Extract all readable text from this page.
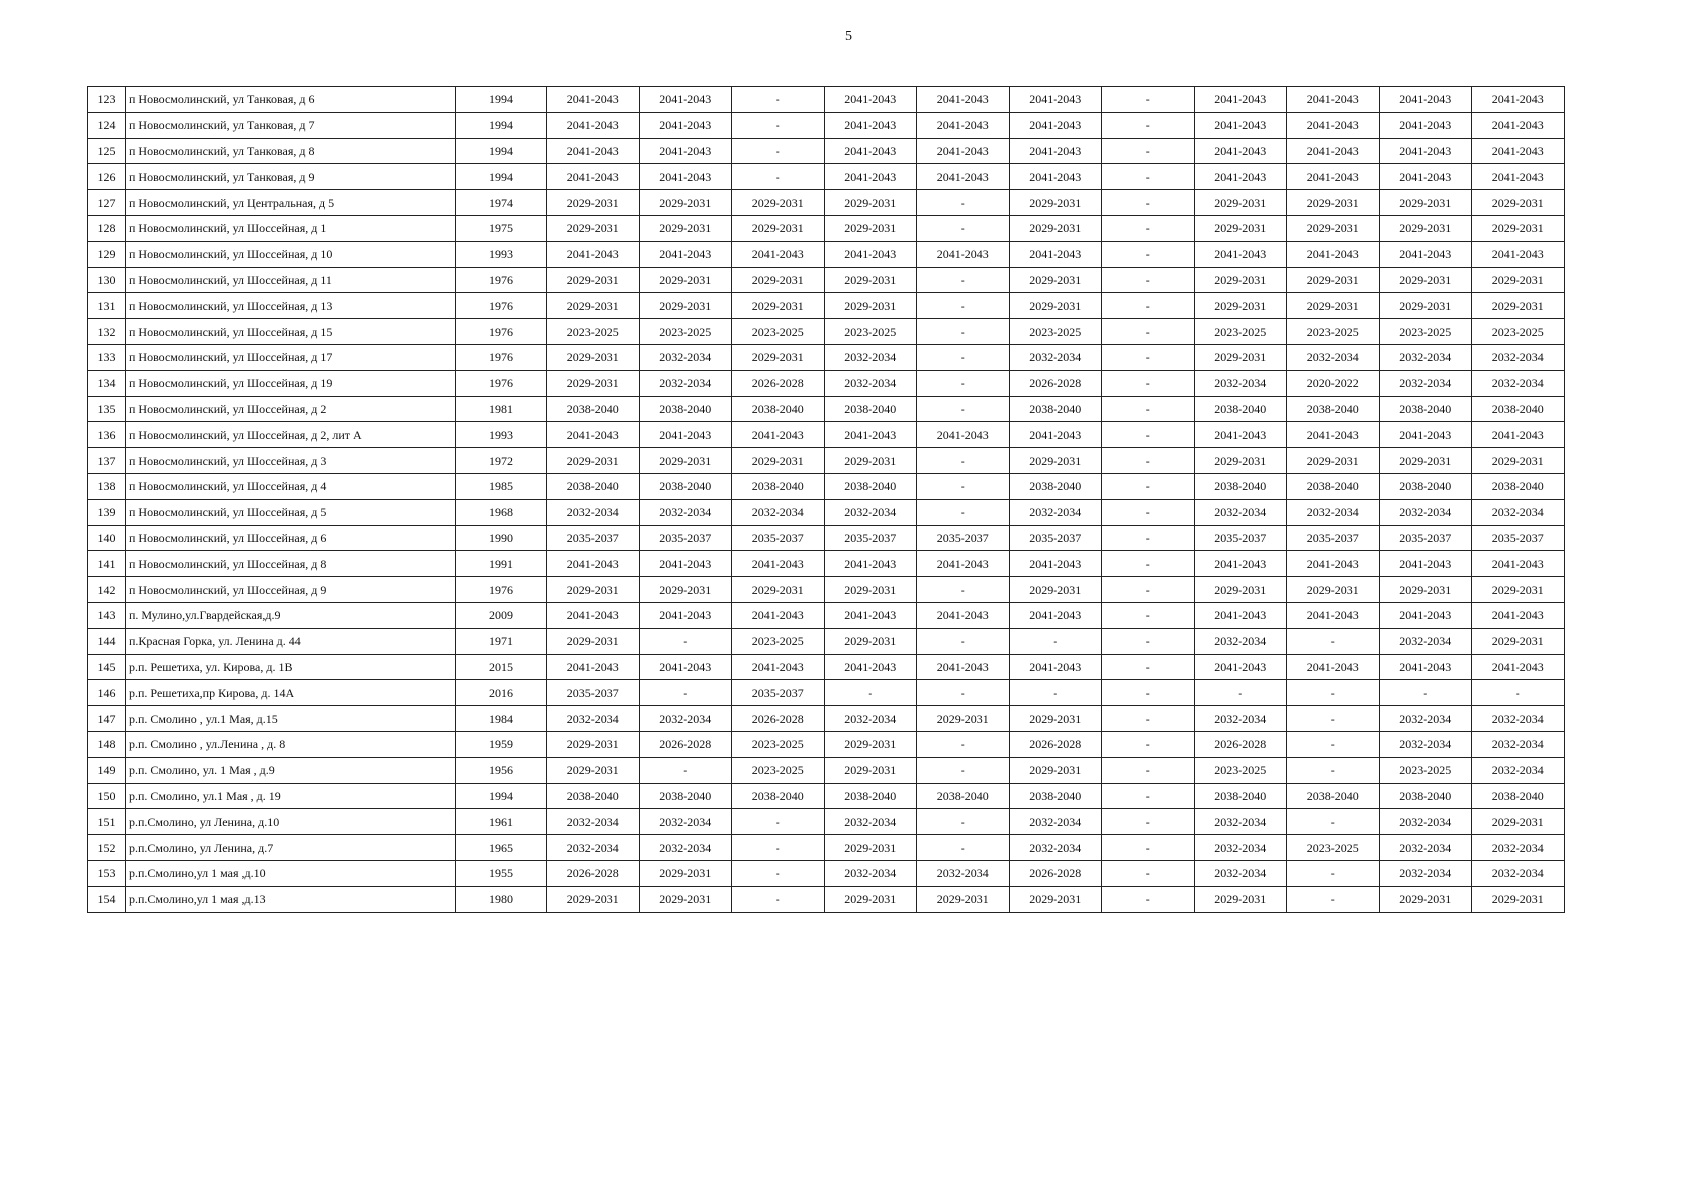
5
123	п Новосмолинский, ул Танковая, д 6	1994	2041-2043	2041-2043	-	2041-2043	2041-2043	2041-2043	-	2041-2043	2041-2043	2041-2043	2041-2043
124	п Новосмолинский, ул Танковая, д 7	1994	2041-2043	2041-2043	-	2041-2043	2041-2043	2041-2043	-	2041-2043	2041-2043	2041-2043	2041-2043
125	п Новосмолинский, ул Танковая, д 8	1994	2041-2043	2041-2043	-	2041-2043	2041-2043	2041-2043	-	2041-2043	2041-2043	2041-2043	2041-2043
126	п Новосмолинский, ул Танковая, д 9	1994	2041-2043	2041-2043	-	2041-2043	2041-2043	2041-2043	-	2041-2043	2041-2043	2041-2043	2041-2043
127	п Новосмолинский, ул Центральная, д 5	1974	2029-2031	2029-2031	2029-2031	2029-2031	-	2029-2031	-	2029-2031	2029-2031	2029-2031	2029-2031
128	п Новосмолинский, ул Шоссейная, д 1	1975	2029-2031	2029-2031	2029-2031	2029-2031	-	2029-2031	-	2029-2031	2029-2031	2029-2031	2029-2031
129	п Новосмолинский, ул Шоссейная, д 10	1993	2041-2043	2041-2043	2041-2043	2041-2043	2041-2043	2041-2043	-	2041-2043	2041-2043	2041-2043	2041-2043
130	п Новосмолинский, ул Шоссейная, д 11	1976	2029-2031	2029-2031	2029-2031	2029-2031	-	2029-2031	-	2029-2031	2029-2031	2029-2031	2029-2031
131	п Новосмолинский, ул Шоссейная, д 13	1976	2029-2031	2029-2031	2029-2031	2029-2031	-	2029-2031	-	2029-2031	2029-2031	2029-2031	2029-2031
132	п Новосмолинский, ул Шоссейная, д 15	1976	2023-2025	2023-2025	2023-2025	2023-2025	-	2023-2025	-	2023-2025	2023-2025	2023-2025	2023-2025
133	п Новосмолинский, ул Шоссейная, д 17	1976	2029-2031	2032-2034	2029-2031	2032-2034	-	2032-2034	-	2029-2031	2032-2034	2032-2034	2032-2034
134	п Новосмолинский, ул Шоссейная, д 19	1976	2029-2031	2032-2034	2026-2028	2032-2034	-	2026-2028	-	2032-2034	2020-2022	2032-2034	2032-2034
135	п Новосмолинский, ул Шоссейная, д 2	1981	2038-2040	2038-2040	2038-2040	2038-2040	-	2038-2040	-	2038-2040	2038-2040	2038-2040	2038-2040
136	п Новосмолинский, ул Шоссейная, д 2, лит А	1993	2041-2043	2041-2043	2041-2043	2041-2043	2041-2043	2041-2043	-	2041-2043	2041-2043	2041-2043	2041-2043
137	п Новосмолинский, ул Шоссейная, д 3	1972	2029-2031	2029-2031	2029-2031	2029-2031	-	2029-2031	-	2029-2031	2029-2031	2029-2031	2029-2031
138	п Новосмолинский, ул Шоссейная, д 4	1985	2038-2040	2038-2040	2038-2040	2038-2040	-	2038-2040	-	2038-2040	2038-2040	2038-2040	2038-2040
139	п Новосмолинский, ул Шоссейная, д 5	1968	2032-2034	2032-2034	2032-2034	2032-2034	-	2032-2034	-	2032-2034	2032-2034	2032-2034	2032-2034
140	п Новосмолинский, ул Шоссейная, д 6	1990	2035-2037	2035-2037	2035-2037	2035-2037	2035-2037	2035-2037	-	2035-2037	2035-2037	2035-2037	2035-2037
141	п Новосмолинский, ул Шоссейная, д 8	1991	2041-2043	2041-2043	2041-2043	2041-2043	2041-2043	2041-2043	-	2041-2043	2041-2043	2041-2043	2041-2043
142	п Новосмолинский, ул Шоссейная, д 9	1976	2029-2031	2029-2031	2029-2031	2029-2031	-	2029-2031	-	2029-2031	2029-2031	2029-2031	2029-2031
143	п. Мулино,ул.Гвардейская,д.9	2009	2041-2043	2041-2043	2041-2043	2041-2043	2041-2043	2041-2043	-	2041-2043	2041-2043	2041-2043	2041-2043
144	п.Красная Горка, ул. Ленина д. 44	1971	2029-2031	-	2023-2025	2029-2031	-	-	-	2032-2034	-	2032-2034	2029-2031
145	р.п. Решетиха, ул. Кирова, д. 1В	2015	2041-2043	2041-2043	2041-2043	2041-2043	2041-2043	2041-2043	-	2041-2043	2041-2043	2041-2043	2041-2043
146	р.п. Решетиха,пр Кирова, д. 14А	2016	2035-2037	-	2035-2037	-	-	-	-	-	-	-	-
147	р.п. Смолино , ул.1 Мая, д.15	1984	2032-2034	2032-2034	2026-2028	2032-2034	2029-2031	2029-2031	-	2032-2034	-	2032-2034	2032-2034
148	р.п. Смолино , ул.Ленина , д. 8	1959	2029-2031	2026-2028	2023-2025	2029-2031	-	2026-2028	-	2026-2028	-	2032-2034	2032-2034
149	р.п. Смолино, ул. 1 Мая , д.9	1956	2029-2031	-	2023-2025	2029-2031	-	2029-2031	-	2023-2025	-	2023-2025	2032-2034
150	р.п. Смолино, ул.1 Мая , д. 19	1994	2038-2040	2038-2040	2038-2040	2038-2040	2038-2040	2038-2040	-	2038-2040	2038-2040	2038-2040	2038-2040
151	р.п.Смолино, ул Ленина, д.10	1961	2032-2034	2032-2034	-	2032-2034	-	2032-2034	-	2032-2034	-	2032-2034	2029-2031
152	р.п.Смолино, ул Ленина, д.7	1965	2032-2034	2032-2034	-	2029-2031	-	2032-2034	-	2032-2034	2023-2025	2032-2034	2032-2034
153	р.п.Смолино,ул 1 мая ,д.10	1955	2026-2028	2029-2031	-	2032-2034	2032-2034	2026-2028	-	2032-2034	-	2032-2034	2032-2034
154	р.п.Смолино,ул 1 мая ,д.13	1980	2029-2031	2029-2031	-	2029-2031	2029-2031	2029-2031	-	2029-2031	-	2029-2031	2029-2031
